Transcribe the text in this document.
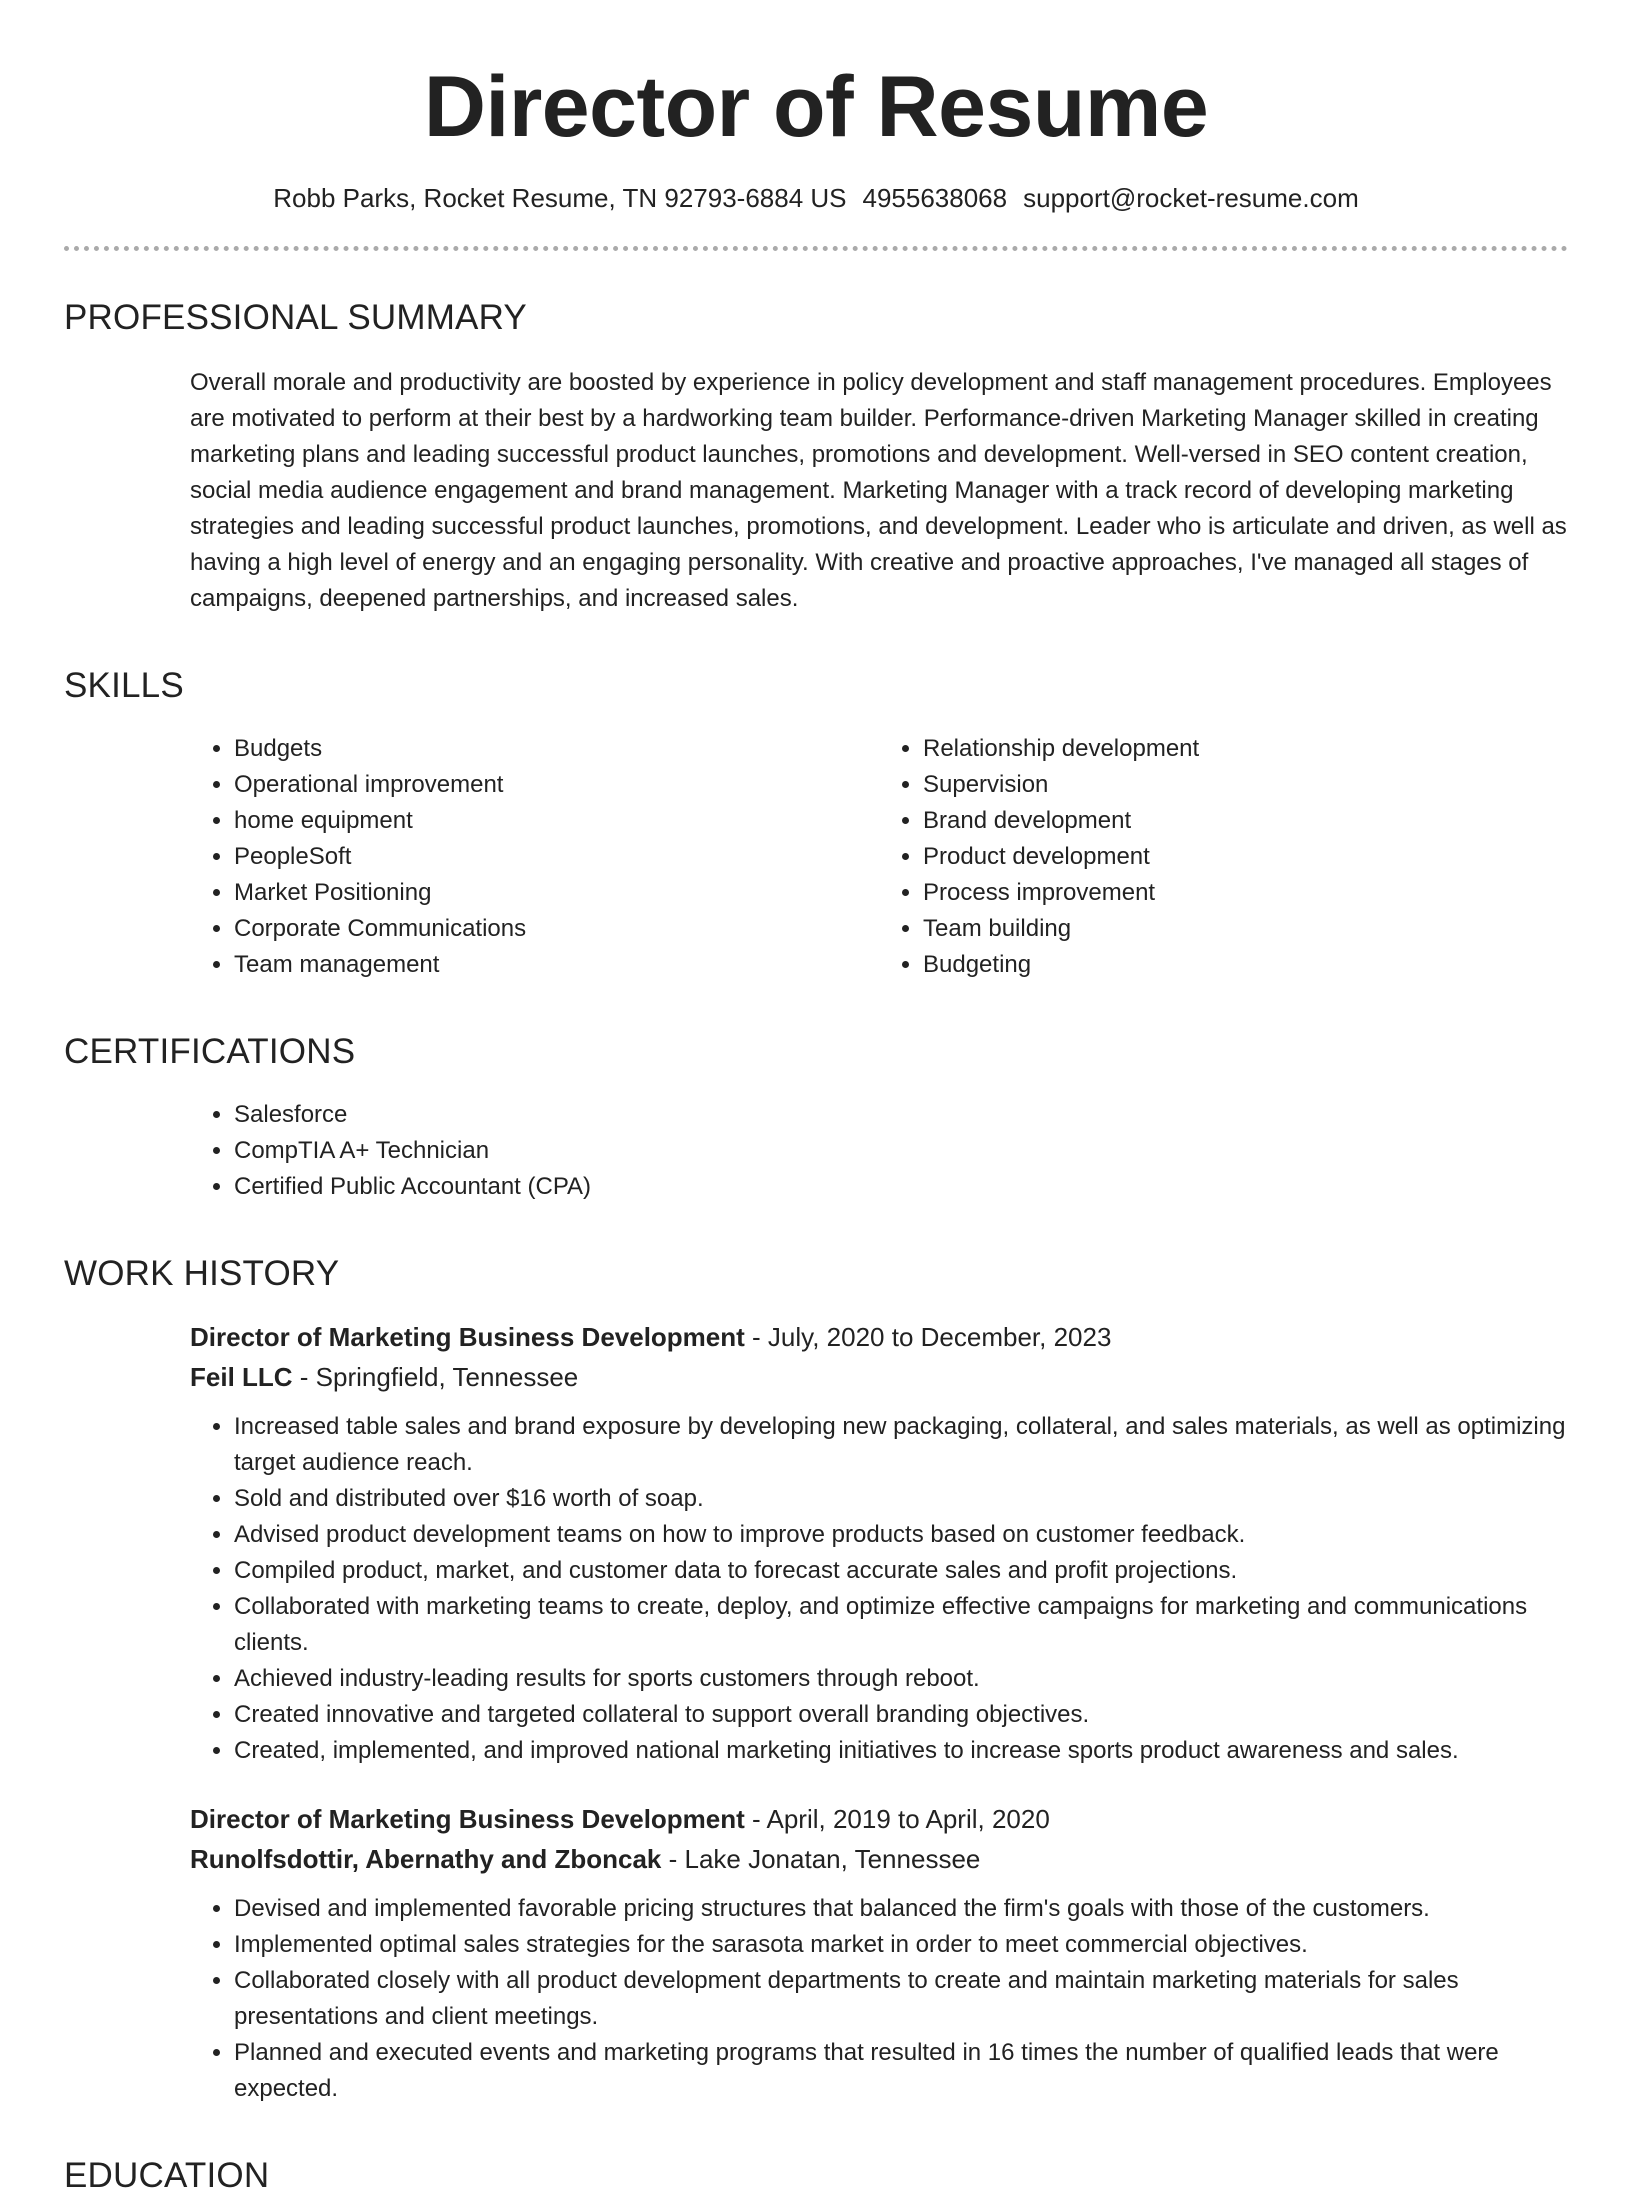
Director of Resume
Robb Parks, Rocket Resume, TN 92793-6884 US 4955638068 support@rocket-resume.com
PROFESSIONAL SUMMARY
Overall morale and productivity are boosted by experience in policy development and staff management procedures. Employees are motivated to perform at their best by a hardworking team builder. Performance-driven Marketing Manager skilled in creating marketing plans and leading successful product launches, promotions and development. Well-versed in SEO content creation, social media audience engagement and brand management. Marketing Manager with a track record of developing marketing strategies and leading successful product launches, promotions, and development. Leader who is articulate and driven, as well as having a high level of energy and an engaging personality. With creative and proactive approaches, I've managed all stages of campaigns, deepened partnerships, and increased sales.
SKILLS
• Budgets
• Operational improvement
• home equipment
• PeopleSoft
• Market Positioning
• Corporate Communications
• Team management
• Relationship development
• Supervision
• Brand development
• Product development
• Process improvement
• Team building
• Budgeting
CERTIFICATIONS
• Salesforce
• CompTIA A+ Technician
• Certified Public Accountant (CPA)
WORK HISTORY
Director of Marketing Business Development - July, 2020 to December, 2023
Feil LLC - Springfield, Tennessee
• Increased table sales and brand exposure by developing new packaging, collateral, and sales materials, as well as optimizing target audience reach.
• Sold and distributed over $16 worth of soap.
• Advised product development teams on how to improve products based on customer feedback.
• Compiled product, market, and customer data to forecast accurate sales and profit projections.
• Collaborated with marketing teams to create, deploy, and optimize effective campaigns for marketing and communications clients.
• Achieved industry-leading results for sports customers through reboot.
• Created innovative and targeted collateral to support overall branding objectives.
• Created, implemented, and improved national marketing initiatives to increase sports product awareness and sales.
Director of Marketing Business Development - April, 2019 to April, 2020
Runolfsdottir, Abernathy and Zboncak - Lake Jonatan, Tennessee
• Devised and implemented favorable pricing structures that balanced the firm's goals with those of the customers.
• Implemented optimal sales strategies for the sarasota market in order to meet commercial objectives.
• Collaborated closely with all product development departments to create and maintain marketing materials for sales presentations and client meetings.
• Planned and executed events and marketing programs that resulted in 16 times the number of qualified leads that were expected.
EDUCATION
